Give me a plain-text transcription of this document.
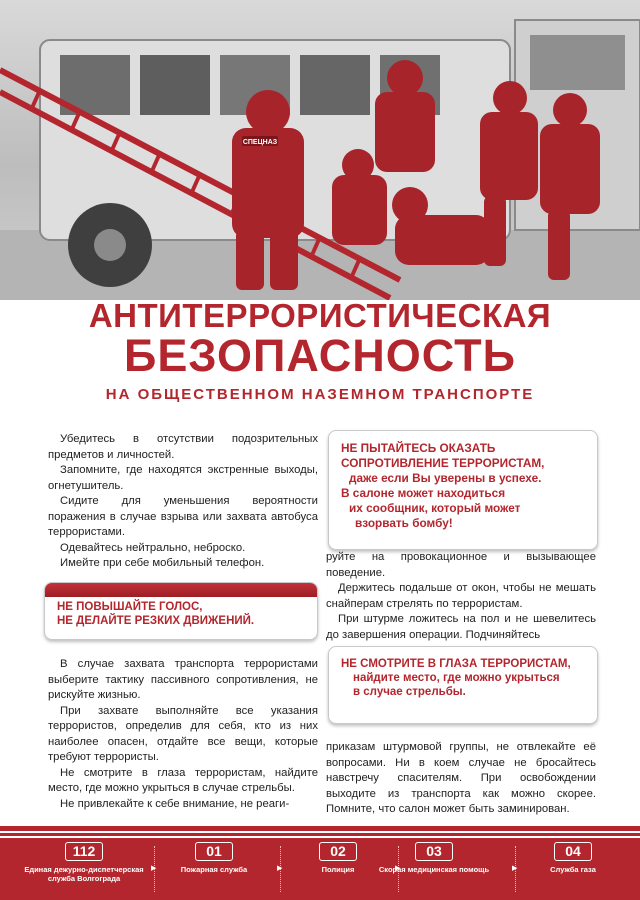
СПЕЦНАЗ
АНТИТЕРРОРИСТИЧЕСКАЯ
БЕЗОПАСНОСТЬ
НА ОБЩЕСТВЕННОМ НАЗЕМНОМ ТРАНСПОРТЕ

Убедитесь в отсутствии подозрительных предметов и личностей.

Запомните, где находятся экстренные выходы, огнетушитель.

Сидите для уменьшения вероятности поражения в случае взрыва или захвата автобуса террористами.

Одевайтесь нейтрально, неброско.

Имейте при себе мобильный телефон.

НЕ ПЫТАЙТЕСЬ ОКАЗАТЬ
СОПРОТИВЛЕНИЕ ТЕРРОРИСТАМ,
даже если Вы уверены в успехе.
В салоне может находиться
их сообщник, который может
взорвать бомбу!
НЕ ПОВЫШАЙТЕ ГОЛОС,
НЕ ДЕЛАЙТЕ РЕЗКИХ ДВИЖЕНИЙ.

руйте на провокационное и вызывающее поведение.

Держитесь подальше от окон, чтобы не мешать снайперам стрелять по террористам.

При штурме ложитесь на пол и не шевелитесь до завершения операции. Подчиняйтесь

НЕ СМОТРИТЕ В ГЛАЗА ТЕРРОРИСТАМ,
найдите место, где можно укрыться
в случае стрельбы.

В случае захвата транспорта террористами выберите тактику пассивного сопротивления, не рискуйте жизнью.

При захвате выполняйте все указания террористов, определив для себя, кто из них наиболее опасен, отдайте все вещи, которые требуют террористы.

Не смотрите в глаза террористам, найдите место, где можно укрыться в случае стрельбы.

Не привлекайте к себе внимание, не реаги-

приказам штурмовой группы, не отвлекайте её вопросами. Ни в коем случае не бросайтесь навстречу спасителям. При освобождении выходите из транспорта как можно скорее. Помните, что салон может быть заминирован.

112
Единая дежурно-диспетчерская служба Волгограда
▶
01
Пожарная служба
▶
02
Полиция
▶
03
Скорая медицинская помощь
▶
04
Служба газа
